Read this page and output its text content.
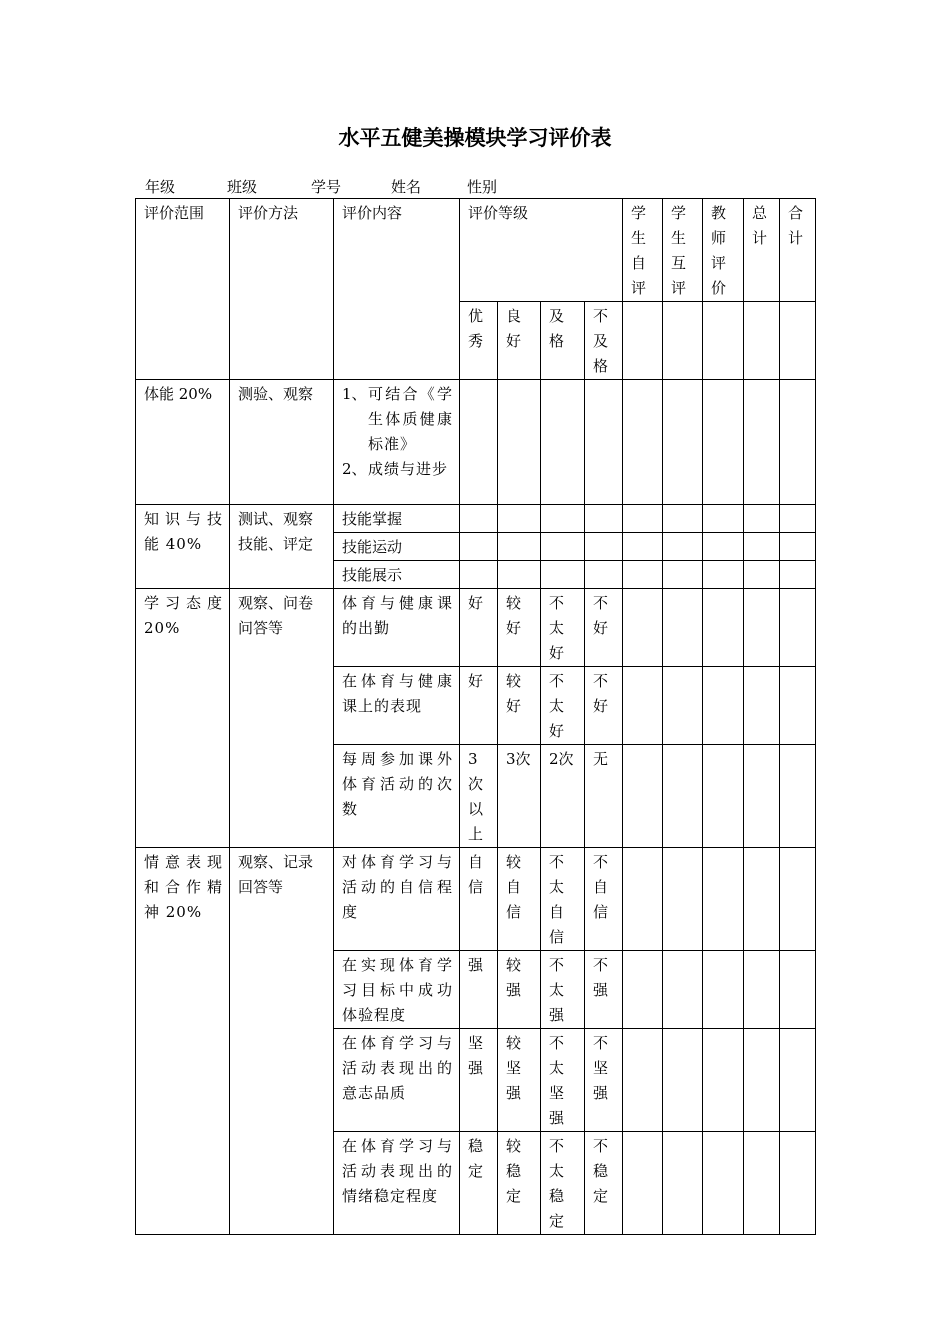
水平五健美操模块学习评价表
年级	班级	学号	姓名	性别
评价范围	评价方法	评价内容	评价等级				学生自评	学生互评	教师评价	总计	合计
			优秀	良好	及格	不及格					
体能 20%	测验、观察	1、 可结合《学生体质健康标准》
2、 成绩与进步									

知识与技能 40%	测试、观察技能、评定	技能掌握									
		技能运动									
		技能展示									
学习态度 20%	观察、问卷问答等	体育与健康课的出勤	好	较好	不太好	不好					
		在体育与健康课上的表现	好	较好	不太好	不好					
		每周参加课外体育活动的次数	3次以上	3次	2次	无					
情意表现和合作精神 20%	观察、记录回答等	对体育学习与活动的自信程度	自信	较自信	不太自信	不自信					
		在实现体育学习目标中成功体验程度	强	较强	不太强	不强					
		在体育学习与活动表现出的意志品质	坚强	较坚强	不太坚强	不坚强					
		在体育学习与活动表现出的情绪稳定程度	稳定	较稳定	不太稳定	不稳定					
